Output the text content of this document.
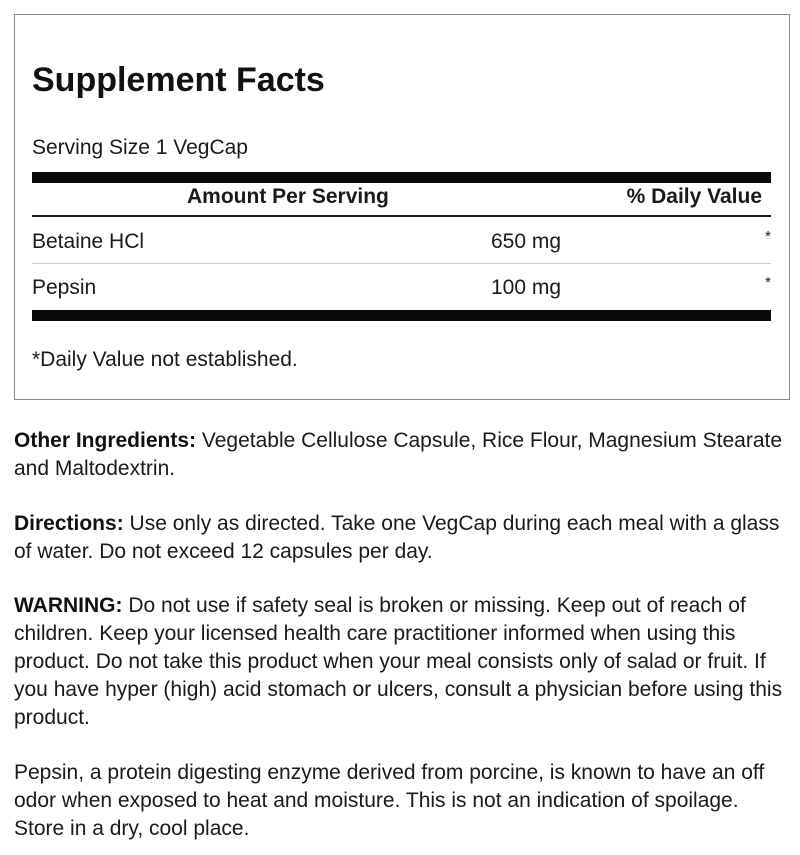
Supplement Facts
Serving Size 1 VegCap
Amount Per Serving	% Daily Value
Betaine HCl	650 mg	*
Pepsin	100 mg	*
*Daily Value not established.

Other Ingredients: Vegetable Cellulose Capsule, Rice Flour, Magnesium Stearate and Maltodextrin.

Directions: Use only as directed. Take one VegCap during each meal with a glass of water. Do not exceed 12 capsules per day.

WARNING: Do not use if safety seal is broken or missing. Keep out of reach of children. Keep your licensed health care practitioner informed when using this product. Do not take this product when your meal consists only of salad or fruit. If you have hyper (high) acid stomach or ulcers, consult a physician before using this product.

Pepsin, a protein digesting enzyme derived from porcine, is known to have an off odor when exposed to heat and moisture. This is not an indication of spoilage. Store in a dry, cool place.
